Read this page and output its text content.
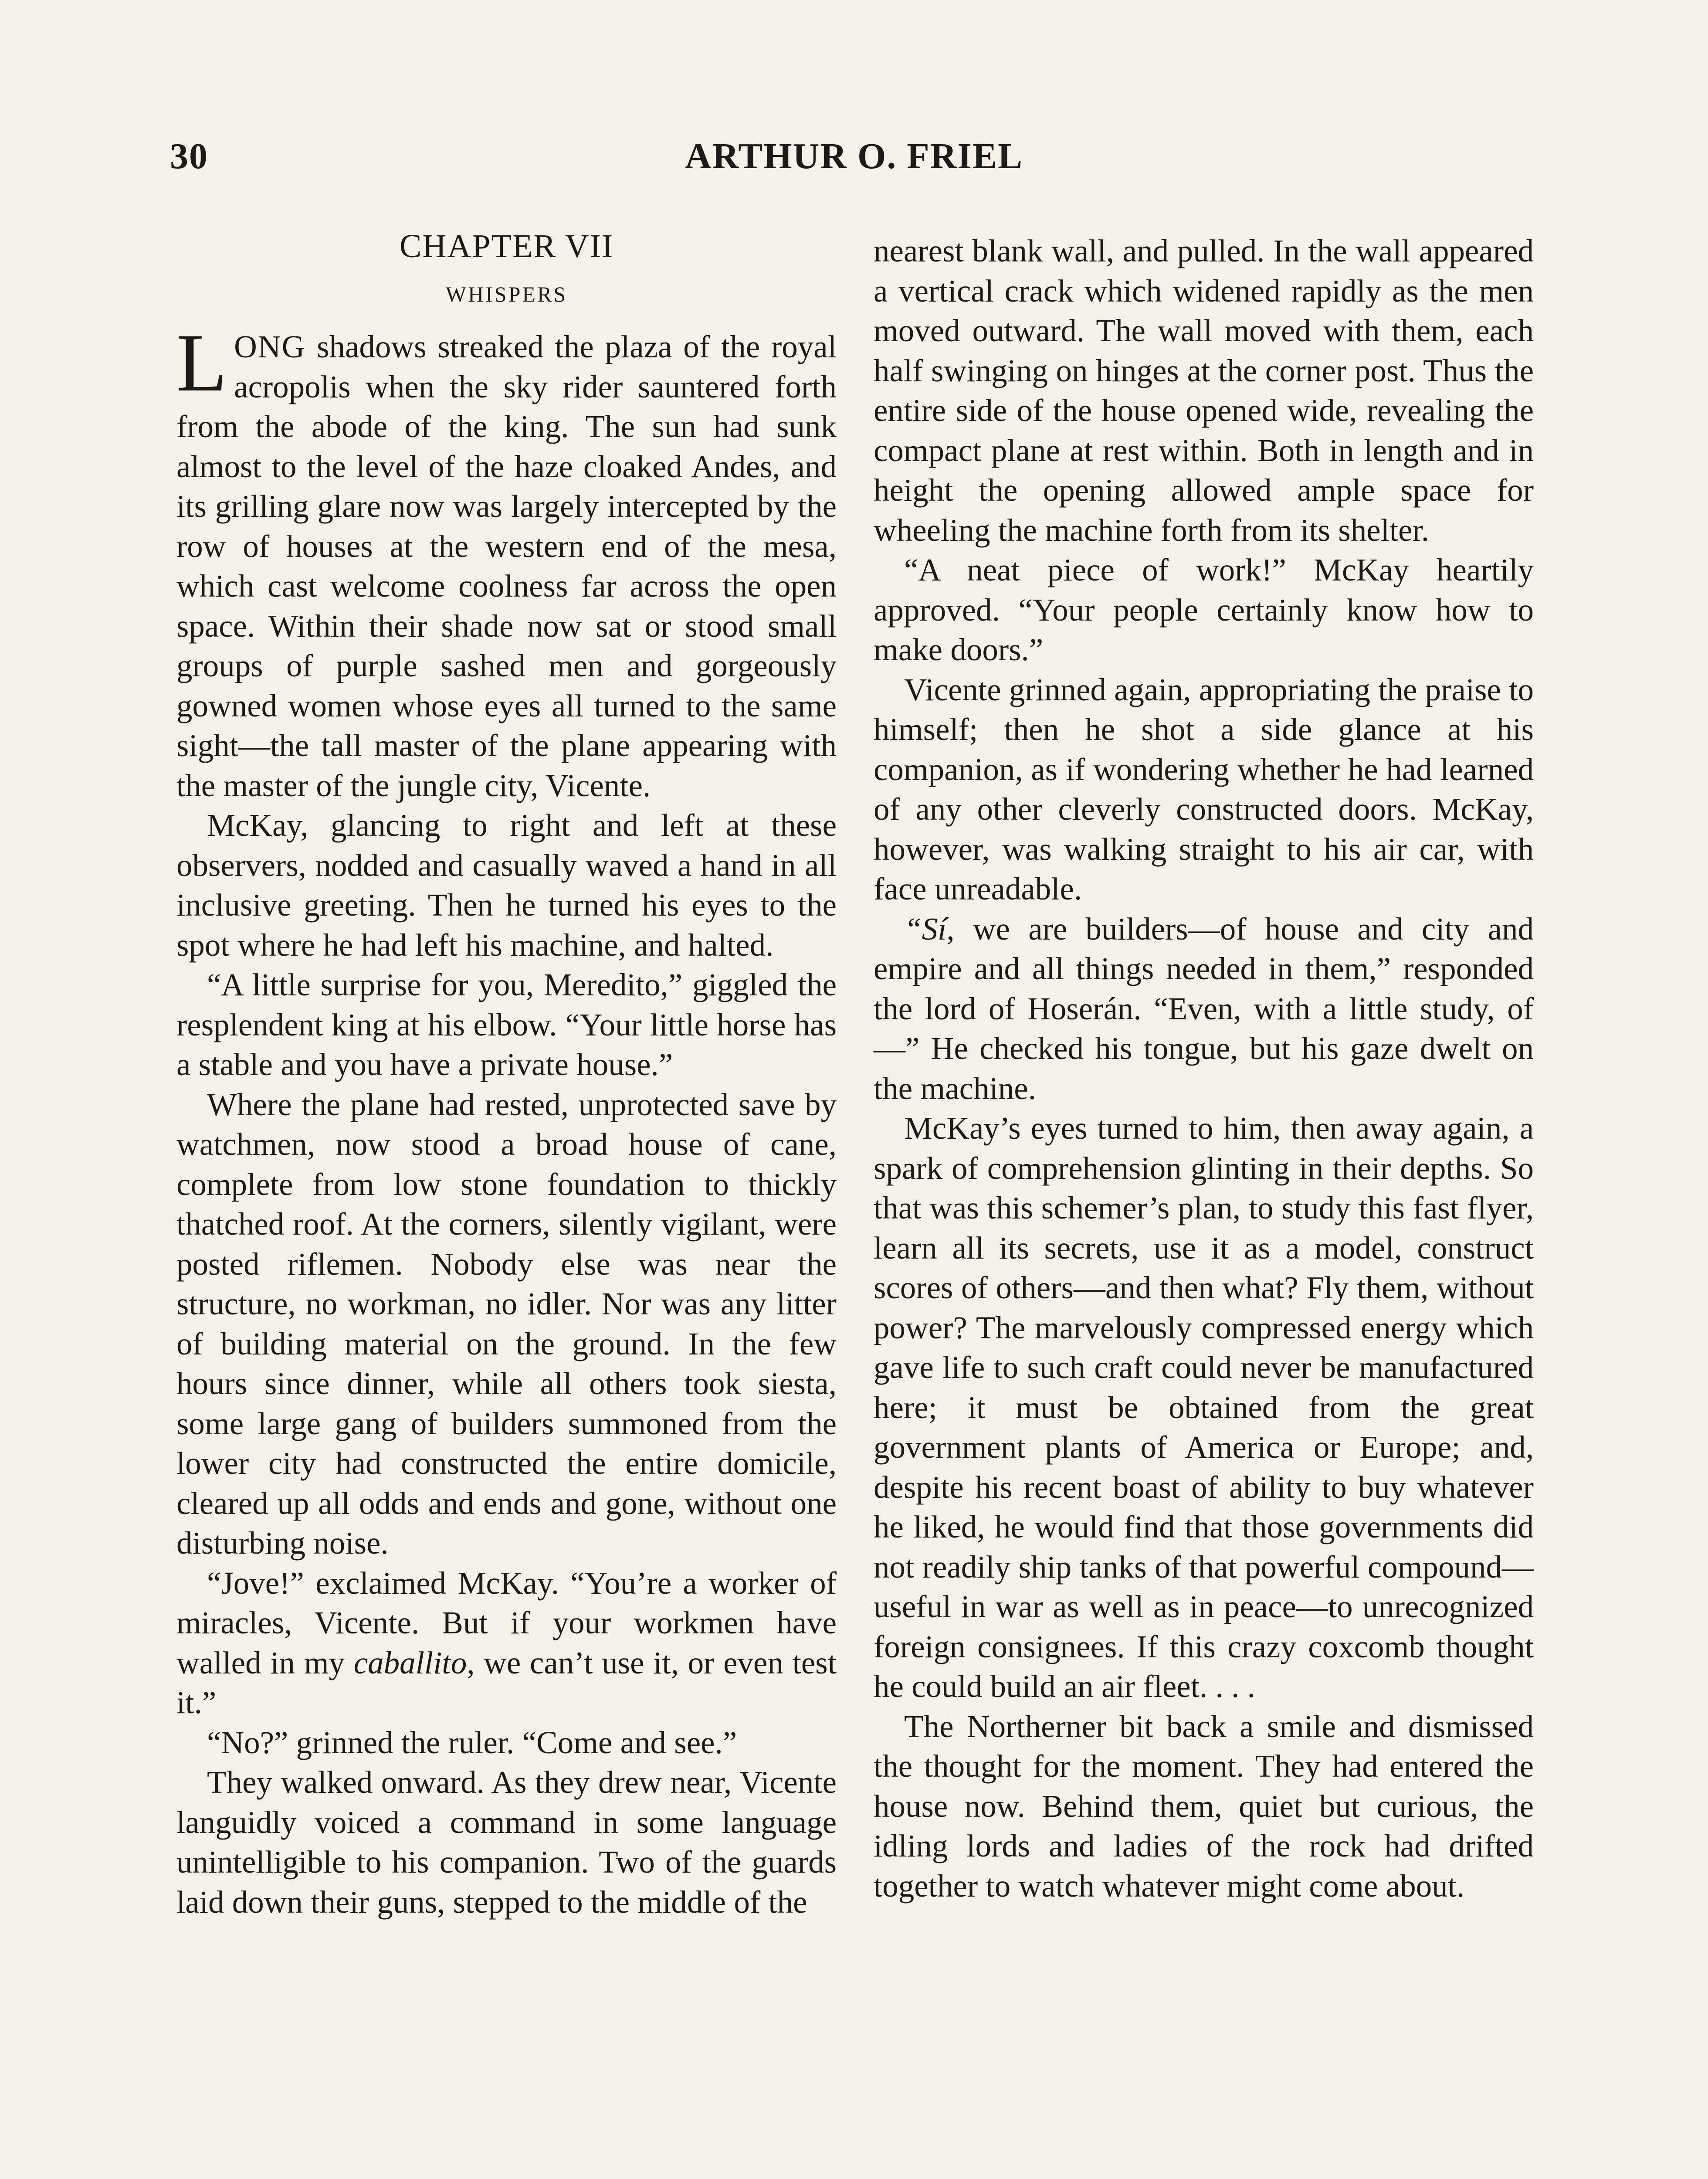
30	ARTHUR O. FRIEL
CHAPTER VII
WHISPERS

LONG shadows streaked the plaza of the royal acropolis when the sky rider sauntered forth from the abode of the king. The sun had sunk almost to the level of the haze cloaked Andes, and its grilling glare now was largely intercepted by the row of houses at the western end of the mesa, which cast welcome coolness far across the open space. Within their shade now sat or stood small groups of purple sashed men and gorgeously gowned women whose eyes all turned to the same sight—the tall master of the plane appearing with the master of the jungle city, Vicente.

McKay, glancing to right and left at these observers, nodded and casually waved a hand in all inclusive greeting. Then he turned his eyes to the spot where he had left his machine, and halted.

“A little surprise for you, Meredito,” giggled the resplendent king at his elbow. “Your little horse has a stable and you have a private house.”

Where the plane had rested, unprotected save by watchmen, now stood a broad house of cane, complete from low stone foundation to thickly thatched roof. At the corners, silently vigilant, were posted riflemen. Nobody else was near the structure, no workman, no idler. Nor was any litter of building material on the ground. In the few hours since dinner, while all others took siesta, some large gang of builders summoned from the lower city had constructed the entire domicile, cleared up all odds and ends and gone, without one disturbing noise.

“Jove!” exclaimed McKay. “You’re a worker of miracles, Vicente. But if your workmen have walled in my caballito, we can’t use it, or even test it.”

“No?” grinned the ruler. “Come and see.”

They walked onward. As they drew near, Vicente languidly voiced a command in some language unintelligible to his companion. Two of the guards laid down their guns, stepped to the middle of the

nearest blank wall, and pulled. In the wall appeared a vertical crack which widened rapidly as the men moved outward. The wall moved with them, each half swinging on hinges at the corner post. Thus the entire side of the house opened wide, revealing the compact plane at rest within. Both in length and in height the opening allowed ample space for wheeling the machine forth from its shelter.

“A neat piece of work!” McKay heartily approved. “Your people certainly know how to make doors.”

Vicente grinned again, appropriating the praise to himself; then he shot a side glance at his companion, as if wondering whether he had learned of any other cleverly constructed doors. McKay, however, was walking straight to his air car, with face unreadable.

“Sí, we are builders—of house and city and empire and all things needed in them,” responded the lord of Hoserán. “Even, with a little study, of—” He checked his tongue, but his gaze dwelt on the machine.

McKay’s eyes turned to him, then away again, a spark of comprehension glinting in their depths. So that was this schemer’s plan, to study this fast flyer, learn all its secrets, use it as a model, construct scores of others—and then what? Fly them, without power? The marvelously compressed energy which gave life to such craft could never be manufactured here; it must be obtained from the great government plants of America or Europe; and, despite his recent boast of ability to buy whatever he liked, he would find that those governments did not readily ship tanks of that powerful compound—useful in war as well as in peace—to unrecognized foreign consignees. If this crazy coxcomb thought he could build an air fleet. . . .

The Northerner bit back a smile and dismissed the thought for the moment. They had entered the house now. Behind them, quiet but curious, the idling lords and ladies of the rock had drifted together to watch whatever might come about.
